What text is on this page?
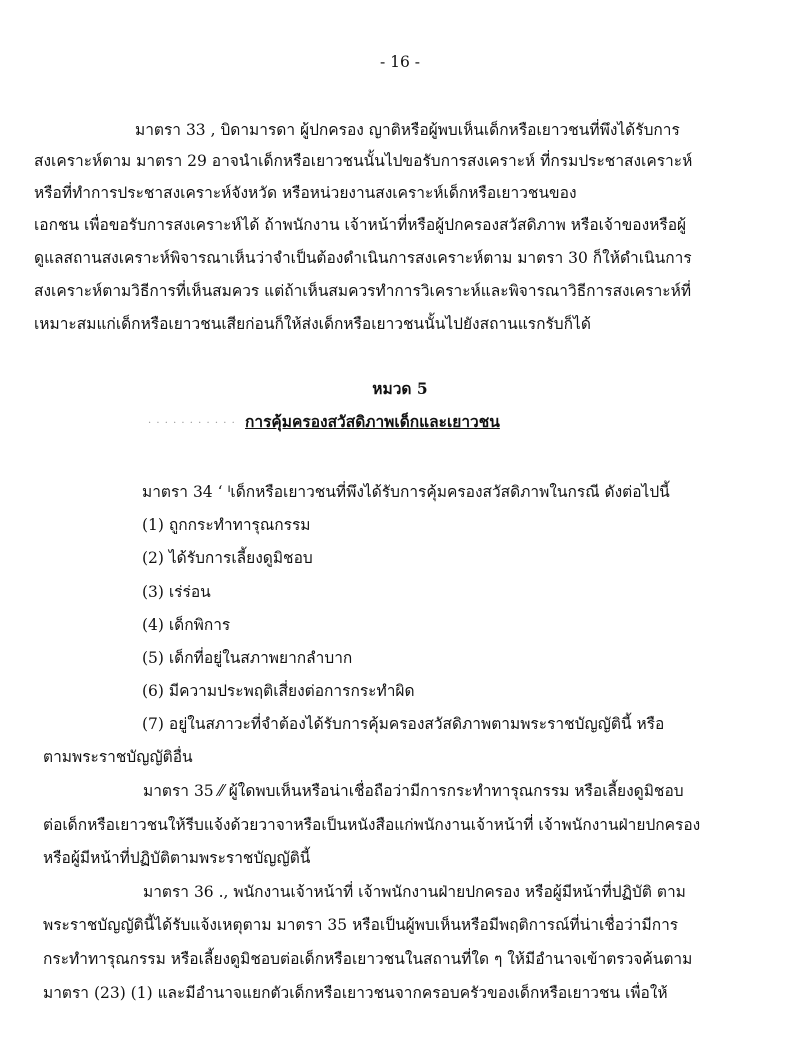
- 16 -
มาตรา 33 , บิดามารดา ผู้ปกครอง ญาติหรือผู้พบเห็นเด็กหรือเยาวชนที่พึงได้รับการ
สงเคราะห์ตาม มาตรา 29 อาจนำเด็กหรือเยาวชนนั้นไปขอรับการสงเคราะห์ ที่กรมประชาสงเคราะห์
หรือที่ทำการประชาสงเคราะห์จังหวัด หรือหน่วยงานสงเคราะห์เด็กหรือเยาวชนของ
เอกชน เพื่อขอรับการสงเคราะห์ได้ ถ้าพนักงาน เจ้าหน้าที่หรือผู้ปกครองสวัสดิภาพ หรือเจ้าของหรือผู้
ดูแลสถานสงเคราะห์พิจารณาเห็นว่าจำเป็นต้องดำเนินการสงเคราะห์ตาม มาตรา 30 ก็ให้ดำเนินการ
สงเคราะห์ตามวิธีการที่เห็นสมควร แต่ถ้าเห็นสมควรทำการวิเคราะห์และพิจารณาวิธีการสงเคราะห์ที่
เหมาะสมแก่เด็กหรือเยาวชนเสียก่อนก็ให้ส่งเด็กหรือเยาวชนนั้นไปยังสถานแรกรับก็ได้
หมวด 5
· · · · · · · · · · · การคุ้มครองสวัสดิภาพเด็กและเยาวชน
มาตรา 34 ‘ ᑊเด็กหรือเยาวชนที่พึงได้รับการคุ้มครองสวัสดิภาพในกรณี ดังต่อไปนี้
(1) ถูกกระทำทารุณกรรม
(2) ได้รับการเลี้ยงดูมิชอบ
(3) เร่ร่อน
(4) เด็กพิการ
(5) เด็กที่อยู่ในสภาพยากลำบาก
(6) มีความประพฤติเสี่ยงต่อการกระทำผิด
(7) อยู่ในสภาวะที่จำต้องได้รับการคุ้มครองสวัสดิภาพตามพระราชบัญญัตินี้ หรือ
ตามพระราชบัญญัติอื่น
มาตรา 35 ⁄⁄ ผู้ใดพบเห็นหรือน่าเชื่อถือว่ามีการกระทำทารุณกรรม หรือเลี้ยงดูมิชอบ
ต่อเด็กหรือเยาวชนให้รีบแจ้งด้วยวาจาหรือเป็นหนังสือแก่พนักงานเจ้าหน้าที่ เจ้าพนักงานฝ่ายปกครอง
หรือผู้มีหน้าที่ปฏิบัติตามพระราชบัญญัตินี้
มาตรา 36 ., พนักงานเจ้าหน้าที่ เจ้าพนักงานฝ่ายปกครอง หรือผู้มีหน้าที่ปฏิบัติ ตาม
พระราชบัญญัตินี้ได้รับแจ้งเหตุตาม มาตรา 35 หรือเป็นผู้พบเห็นหรือมีพฤติการณ์ที่น่าเชื่อว่ามีการ
กระทำทารุณกรรม หรือเลี้ยงดูมิชอบต่อเด็กหรือเยาวชนในสถานที่ใด ๆ ให้มีอำนาจเข้าตรวจค้นตาม
มาตรา (23) (1) และมีอำนาจแยกตัวเด็กหรือเยาวชนจากครอบครัวของเด็กหรือเยาวชน เพื่อให้
